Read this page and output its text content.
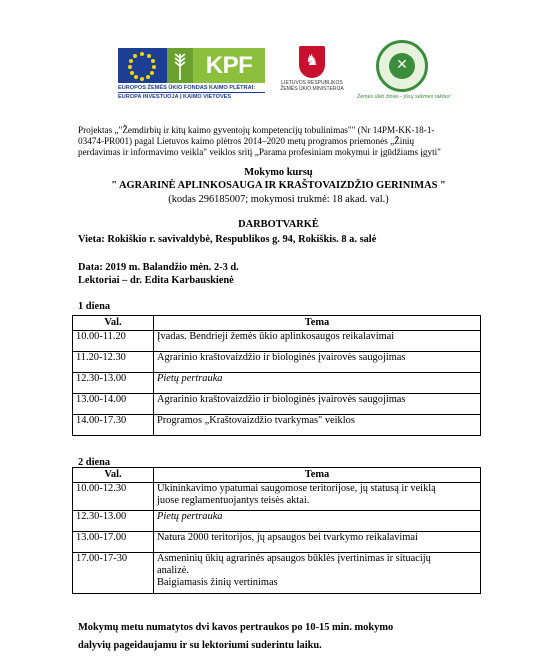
KPF
EUROPOS ŽEMĖS ŪKIO FONDAS KAIMO PLĖTRAI:
EUROPA INVESTUOJA Į KAIMO VIETOVES
♞
LIETUVOS RESPUBLIKOS
ŽEMĖS ŪKIO MINISTERIJA
✕
Žemės ūkio žiniai – jūsų sėkmės raktas!
Projektas „"Žemdirbių ir kitų kaimo gyventojų kompetencijų tobulinimas"" (Nr 14PM-KK-18-1-
03474-PR001) pagal Lietuvos kaimo plėtros 2014–2020 metų programos priemonės „Žinių
perdavimas ir informavimo veikla" veiklos sritį „Parama profesiniam mokymui ir įgūdžiams įgyti"
Mokymo kursų
" AGRARINĖ APLINKOSAUGA IR KRAŠTOVAIZDŽIO GERINIMAS "
(kodas 296185007; mokymosi trukmė: 18 akad. val.)
DARBOTVARKĖ
Vieta: Rokiškio r. savivaldybė, Respublikos g. 94, Rokiškis. 8 a. salė
Data: 2019 m. Balandžio mėn. 2-3 d.
Lektoriai – dr. Edita Karbauskienė
1 diena
Val.	Tema
10.00-11.20	Įvadas. Bendrieji žemės ūkio aplinkosaugos reikalavimai
11.20-12.30	Agrarinio kraštovaizdžio ir biologinės įvairovės saugojimas
12.30-13.00	Pietų pertrauka
13.00-14.00	Agrarinio kraštovaizdžio ir biologinės įvairovės saugojimas
14.00-17.30	Programos „Kraštovaizdžio tvarkymas" veiklos
2 diena
Val.	Tema
10.00-12.30	Ūkininkavimo ypatumai saugomose teritorijose, jų statusą ir veiklą
juose reglamentuojantys teisės aktai.

12.30-13.00	Pietų pertrauka
13.00-17.00	Natura 2000 teritorijos, jų apsaugos bei tvarkymo reikalavimai
17.00-17-30	Asmeninių ūkių agrarinės apsaugos būklės įvertinimas ir situacijų
analizė.
Baigiamasis žinių vertinimas
Mokymų metu numatytos dvi kavos pertraukos po 10-15 min. mokymo
dalyvių pageidaujamu ir su lektoriumi suderintu laiku.
